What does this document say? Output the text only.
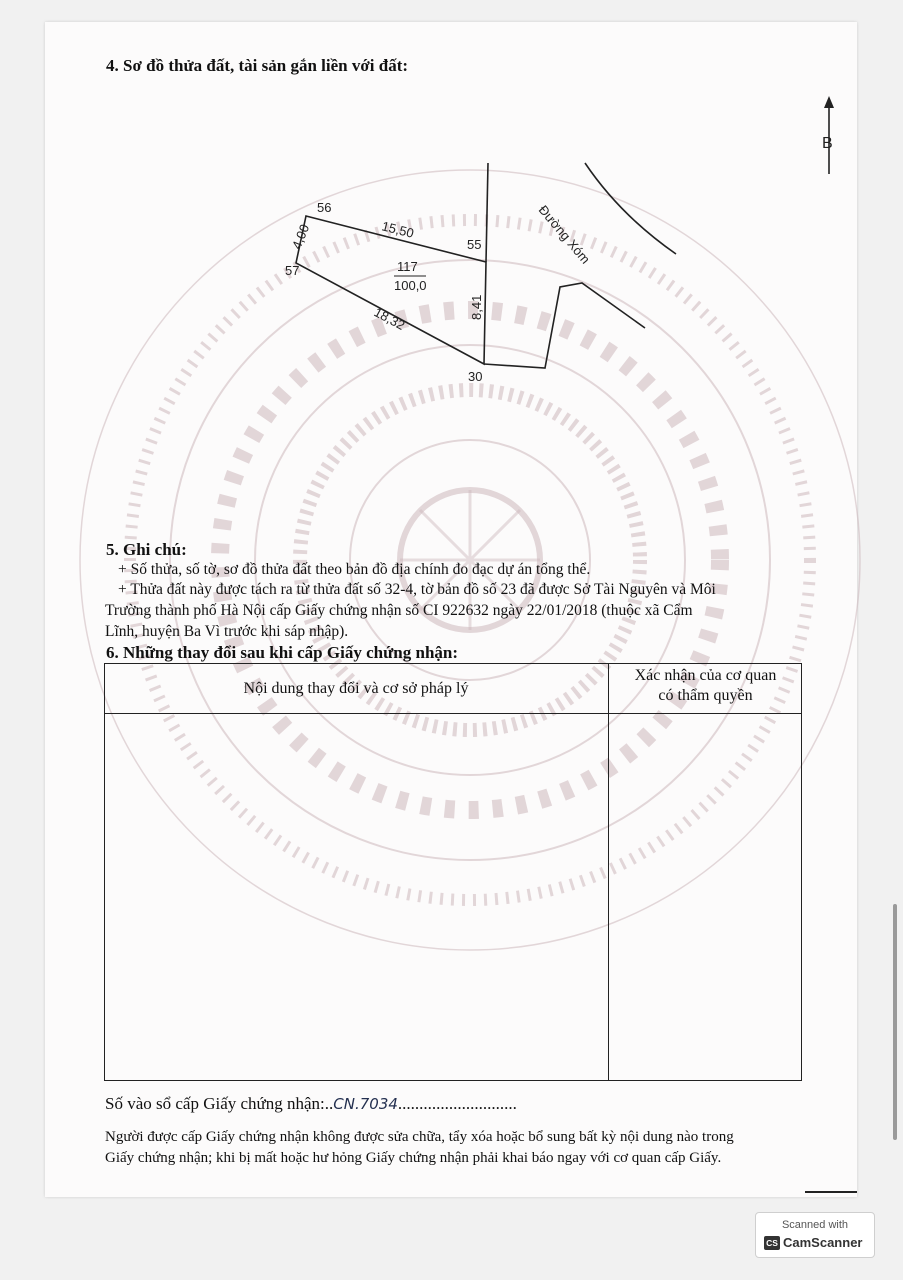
4. Sơ đồ thửa đất, tài sản gắn liền với đất:
B
56
55
57
30
15,50
4,00
18,32	8,41
Đường Xóm
117
100,0
5. Ghi chú:
+ Số thửa, số tờ, sơ đồ thửa đất theo bản đồ địa chính đo đạc dự án tổng thể.
+ Thửa đất này được tách ra từ thửa đất số 32-4, tờ bản đồ số 23 đã được Sở Tài Nguyên và Môi
Trường thành phố Hà Nội cấp Giấy chứng nhận số CI 922632 ngày 22/01/2018 (thuộc xã Cẩm
Lĩnh, huyện Ba Vì trước khi sáp nhập).
6. Những thay đổi sau khi cấp Giấy chứng nhận:
Nội dung thay đổi và cơ sở pháp lý
Xác nhận của cơ quan
có thẩm quyền
Số vào sổ cấp Giấy chứng nhận:..CN.7034............................
Người được cấp Giấy chứng nhận không được sửa chữa, tẩy xóa hoặc bổ sung bất kỳ nội dung nào trong
Giấy chứng nhận; khi bị mất hoặc hư hỏng Giấy chứng nhận phải khai báo ngay với cơ quan cấp Giấy.
Scanned with
CS CamScanner
